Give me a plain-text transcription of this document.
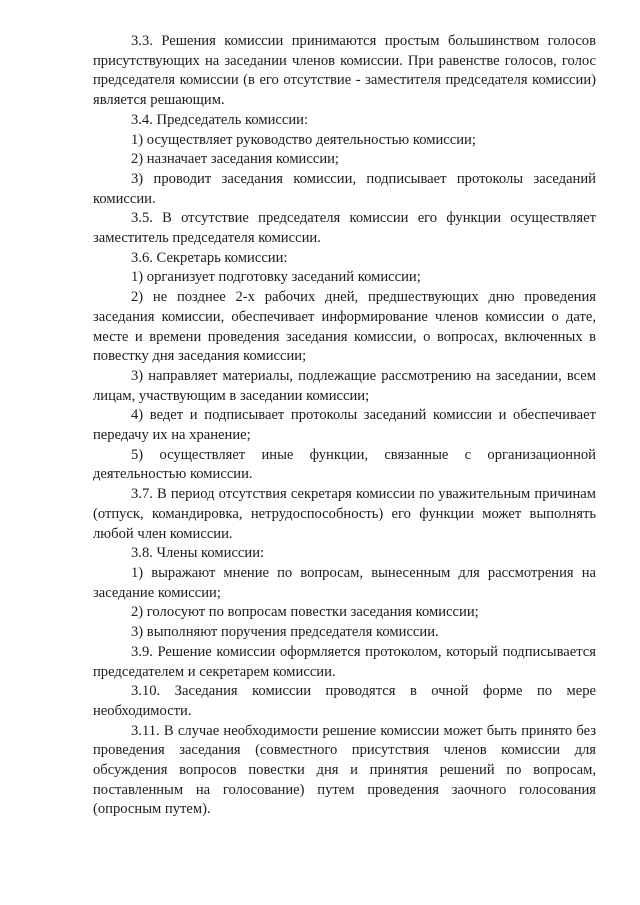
3.3. Решения комиссии принимаются простым большинством голосов присутствующих на заседании членов комиссии. При равенстве голосов, голос председателя комиссии (в его отсутствие - заместителя председателя комиссии) является решающим.

3.4. Председатель комиссии:

1) осуществляет руководство деятельностью комиссии;

2) назначает заседания комиссии;

3) проводит заседания комиссии, подписывает протоколы заседаний комиссии.

3.5. В отсутствие председателя комиссии его функции осуществляет заместитель председателя комиссии.

3.6. Секретарь комиссии:

1) организует подготовку заседаний комиссии;

2) не позднее 2-х рабочих дней, предшествующих дню проведения заседания комиссии, обеспечивает информирование членов комиссии о дате, месте и времени проведения заседания комиссии, о вопросах, включенных в повестку дня заседания комиссии;

3) направляет материалы, подлежащие рассмотрению на заседании, всем лицам, участвующим в заседании комиссии;

4) ведет и подписывает протоколы заседаний комиссии и обеспечивает передачу их на хранение;

5) осуществляет иные функции, связанные с организационной деятельностью комиссии.

3.7. В период отсутствия секретаря комиссии по уважительным причинам (отпуск, командировка, нетрудоспособность) его функции может выполнять любой член комиссии.

3.8. Члены комиссии:

1) выражают мнение по вопросам, вынесенным для рассмотрения на заседание комиссии;

2) голосуют по вопросам повестки заседания комиссии;

3) выполняют поручения председателя комиссии.

3.9. Решение комиссии оформляется протоколом, который подписывается председателем и секретарем комиссии.

3.10. Заседания комиссии проводятся в очной форме по мере необходимости.

3.11. В случае необходимости решение комиссии может быть принято без проведения заседания (совместного присутствия членов комиссии для обсуждения вопросов повестки дня и принятия решений по вопросам, поставленным на голосование) путем проведения заочного голосования (опросным путем).
